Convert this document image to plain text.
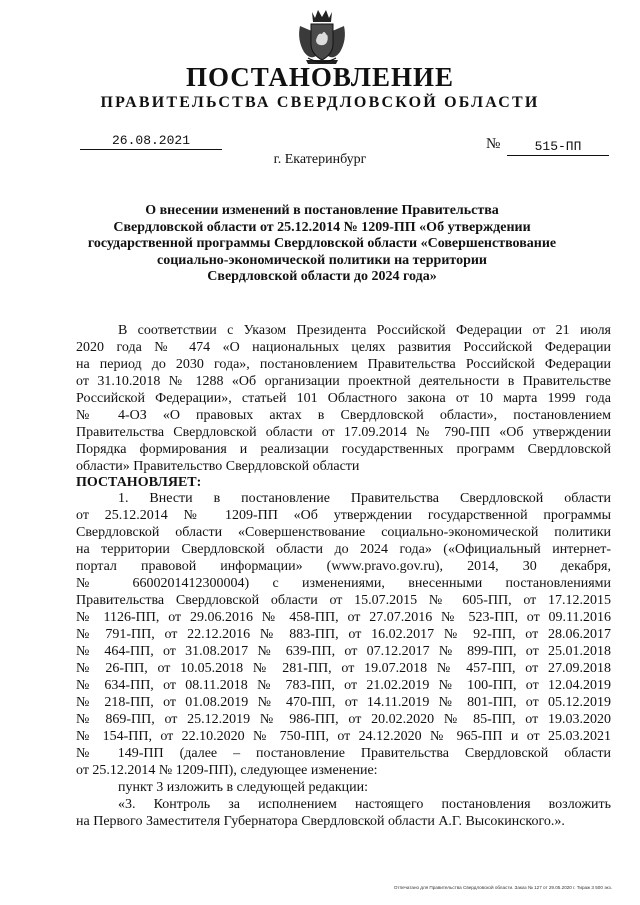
ПОСТАНОВЛЕНИЕ
ПРАВИТЕЛЬСТВА СВЕРДЛОВСКОЙ ОБЛАСТИ
26.08.2021	№	515-ПП
г. Екатеринбург
О внесении изменений в постановление Правительства
Свердловской области от 25.12.2014 № 1209-ПП «Об утверждении
государственной программы Свердловской области «Совершенствование
социально-экономической политики на территории
Свердловской области до 2024 года»
В соответствии с Указом Президента Российской Федерации от 21 июля
2020 года № 474 «О национальных целях развития Российской Федерации
на период до 2030 года», постановлением Правительства Российской Федерации
от 31.10.2018 № 1288 «Об организации проектной деятельности в Правительстве
Российской Федерации», статьей 101 Областного закона от 10 марта 1999 года
№ 4-ОЗ «О правовых актах в Свердловской области», постановлением
Правительства Свердловской области от 17.09.2014 № 790-ПП «Об утверждении
Порядка формирования и реализации государственных программ Свердловской
области» Правительство Свердловской области
ПОСТАНОВЛЯЕТ:
1. Внести в постановление Правительства Свердловской области
от 25.12.2014 № 1209-ПП «Об утверждении государственной программы
Свердловской области «Совершенствование социально-экономической политики
на территории Свердловской области до 2024 года» («Официальный интернет-
портал правовой информации» (www.pravo.gov.ru), 2014, 30 декабря,
№ 6600201412300004) с изменениями, внесенными постановлениями
Правительства Свердловской области от 15.07.2015 № 605-ПП, от 17.12.2015
№ 1126-ПП, от 29.06.2016 № 458-ПП, от 27.07.2016 № 523-ПП, от 09.11.2016
№ 791-ПП, от 22.12.2016 № 883-ПП, от 16.02.2017 № 92-ПП, от 28.06.2017
№ 464-ПП, от 31.08.2017 № 639-ПП, от 07.12.2017 № 899-ПП, от 25.01.2018
№ 26-ПП, от 10.05.2018 № 281-ПП, от 19.07.2018 № 457-ПП, от 27.09.2018
№ 634-ПП, от 08.11.2018 № 783-ПП, от 21.02.2019 № 100-ПП, от 12.04.2019
№ 218-ПП, от 01.08.2019 № 470-ПП, от 14.11.2019 № 801-ПП, от 05.12.2019
№ 869-ПП, от 25.12.2019 № 986-ПП, от 20.02.2020 № 85-ПП, от 19.03.2020
№ 154-ПП, от 22.10.2020 № 750-ПП, от 24.12.2020 № 965-ПП и от 25.03.2021
№ 149-ПП (далее – постановление Правительства Свердловской области
от 25.12.2014 № 1209-ПП), следующее изменение:
пункт 3 изложить в следующей редакции:
«3. Контроль за исполнением настоящего постановления возложить
на Первого Заместителя Губернатора Свердловской области А.Г. Высокинского.».
Отпечатано для Правительства Свердловской области. Заказ № 127 от 29.05.2020 г. Тираж 3 500 экз.
